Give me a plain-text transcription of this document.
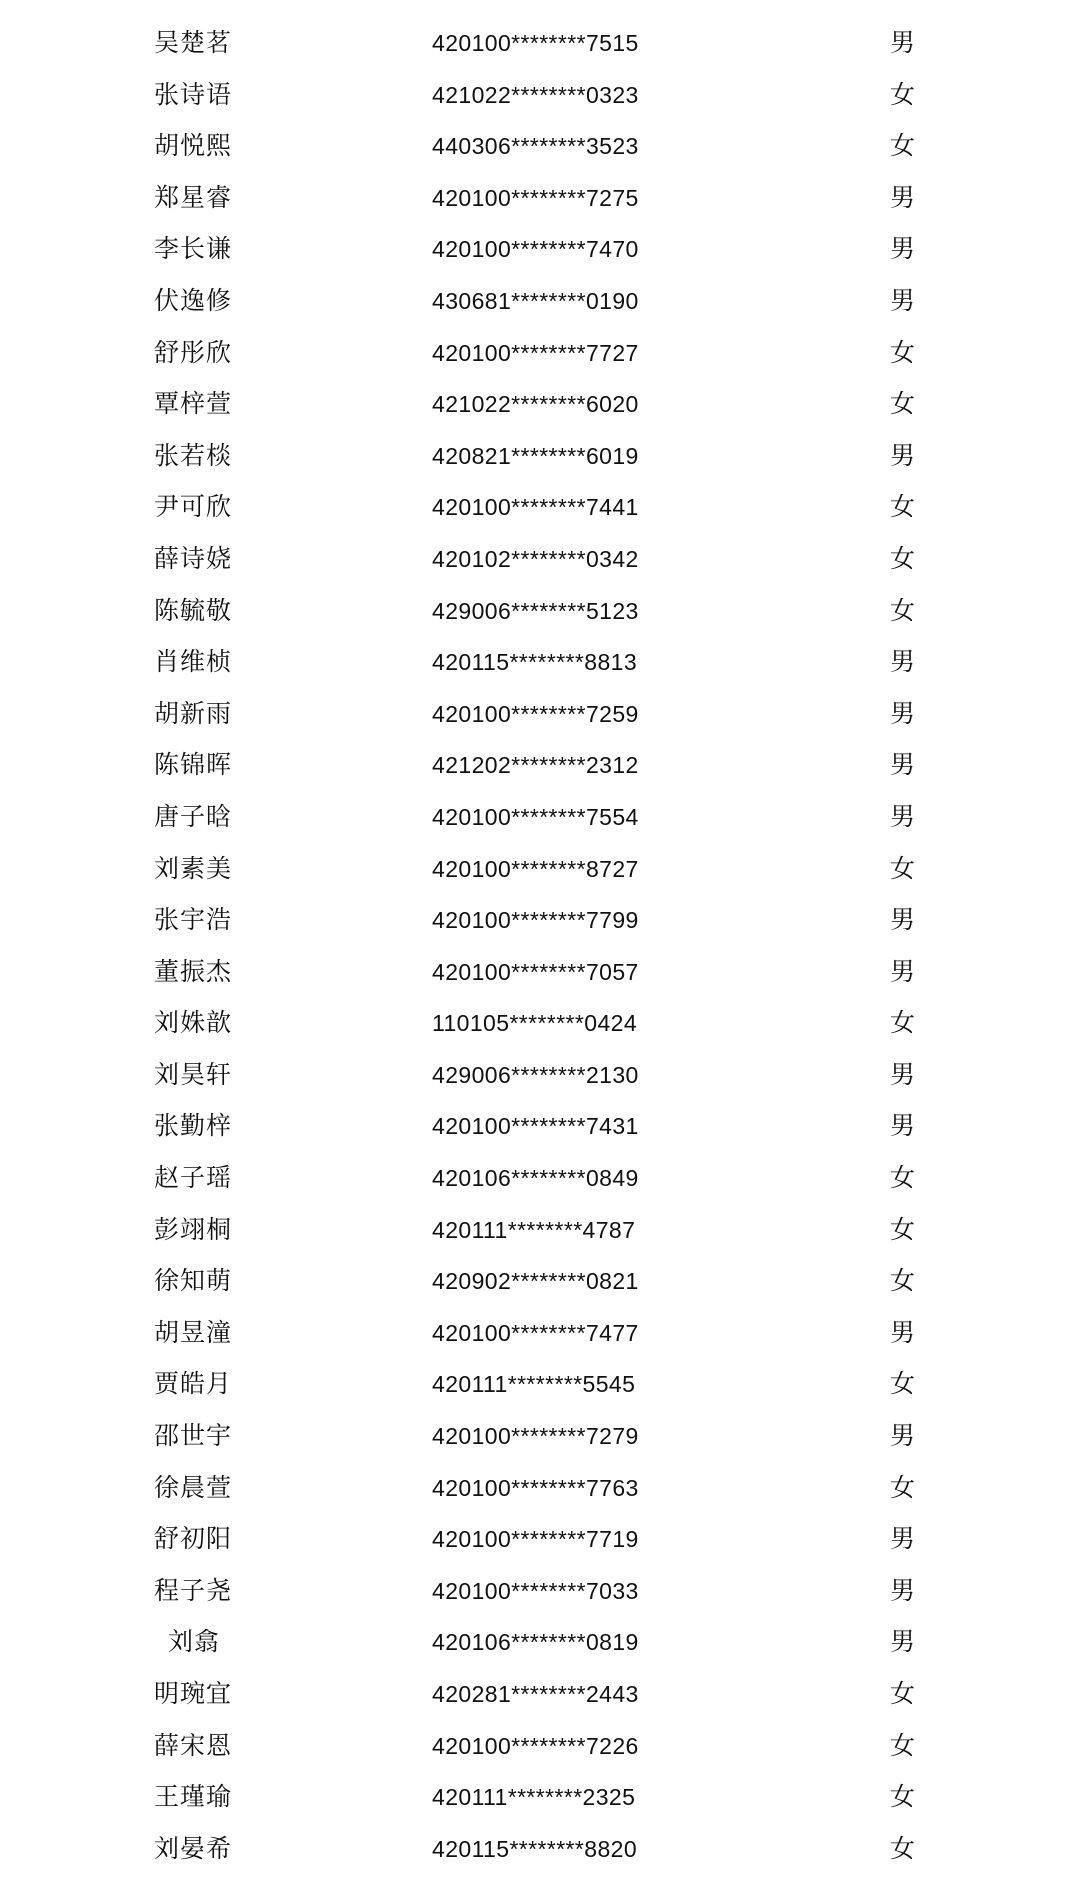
吴楚茗	420100********7515	男
张诗语	421022********0323	女
胡悦熙	440306********3523	女
郑星睿	420100********7275	男
李长谦	420100********7470	男
伏逸修	430681********0190	男
舒彤欣	420100********7727	女
覃梓萱	421022********6020	女
张若棪	420821********6019	男
尹可欣	420100********7441	女
薛诗娆	420102********0342	女
陈毓敬	429006********5123	女
肖维桢	420115********8813	男
胡新雨	420100********7259	男
陈锦晖	421202********2312	男
唐子晗	420100********7554	男
刘素美	420100********8727	女
张宇浩	420100********7799	男
董振杰	420100********7057	男
刘姝歆	110105********0424	女
刘昊轩	429006********2130	男
张勤梓	420100********7431	男
赵子瑶	420106********0849	女
彭翊桐	420111********4787	女
徐知萌	420902********0821	女
胡昱潼	420100********7477	男
贾皓月	420111********5545	女
邵世宇	420100********7279	男
徐晨萱	420100********7763	女
舒初阳	420100********7719	男
程子尧	420100********7033	男
刘翕	420106********0819	男
明琬宜	420281********2443	女
薛宋恩	420100********7226	女
王瑾瑜	420111********2325	女
刘晏希	420115********8820	女
